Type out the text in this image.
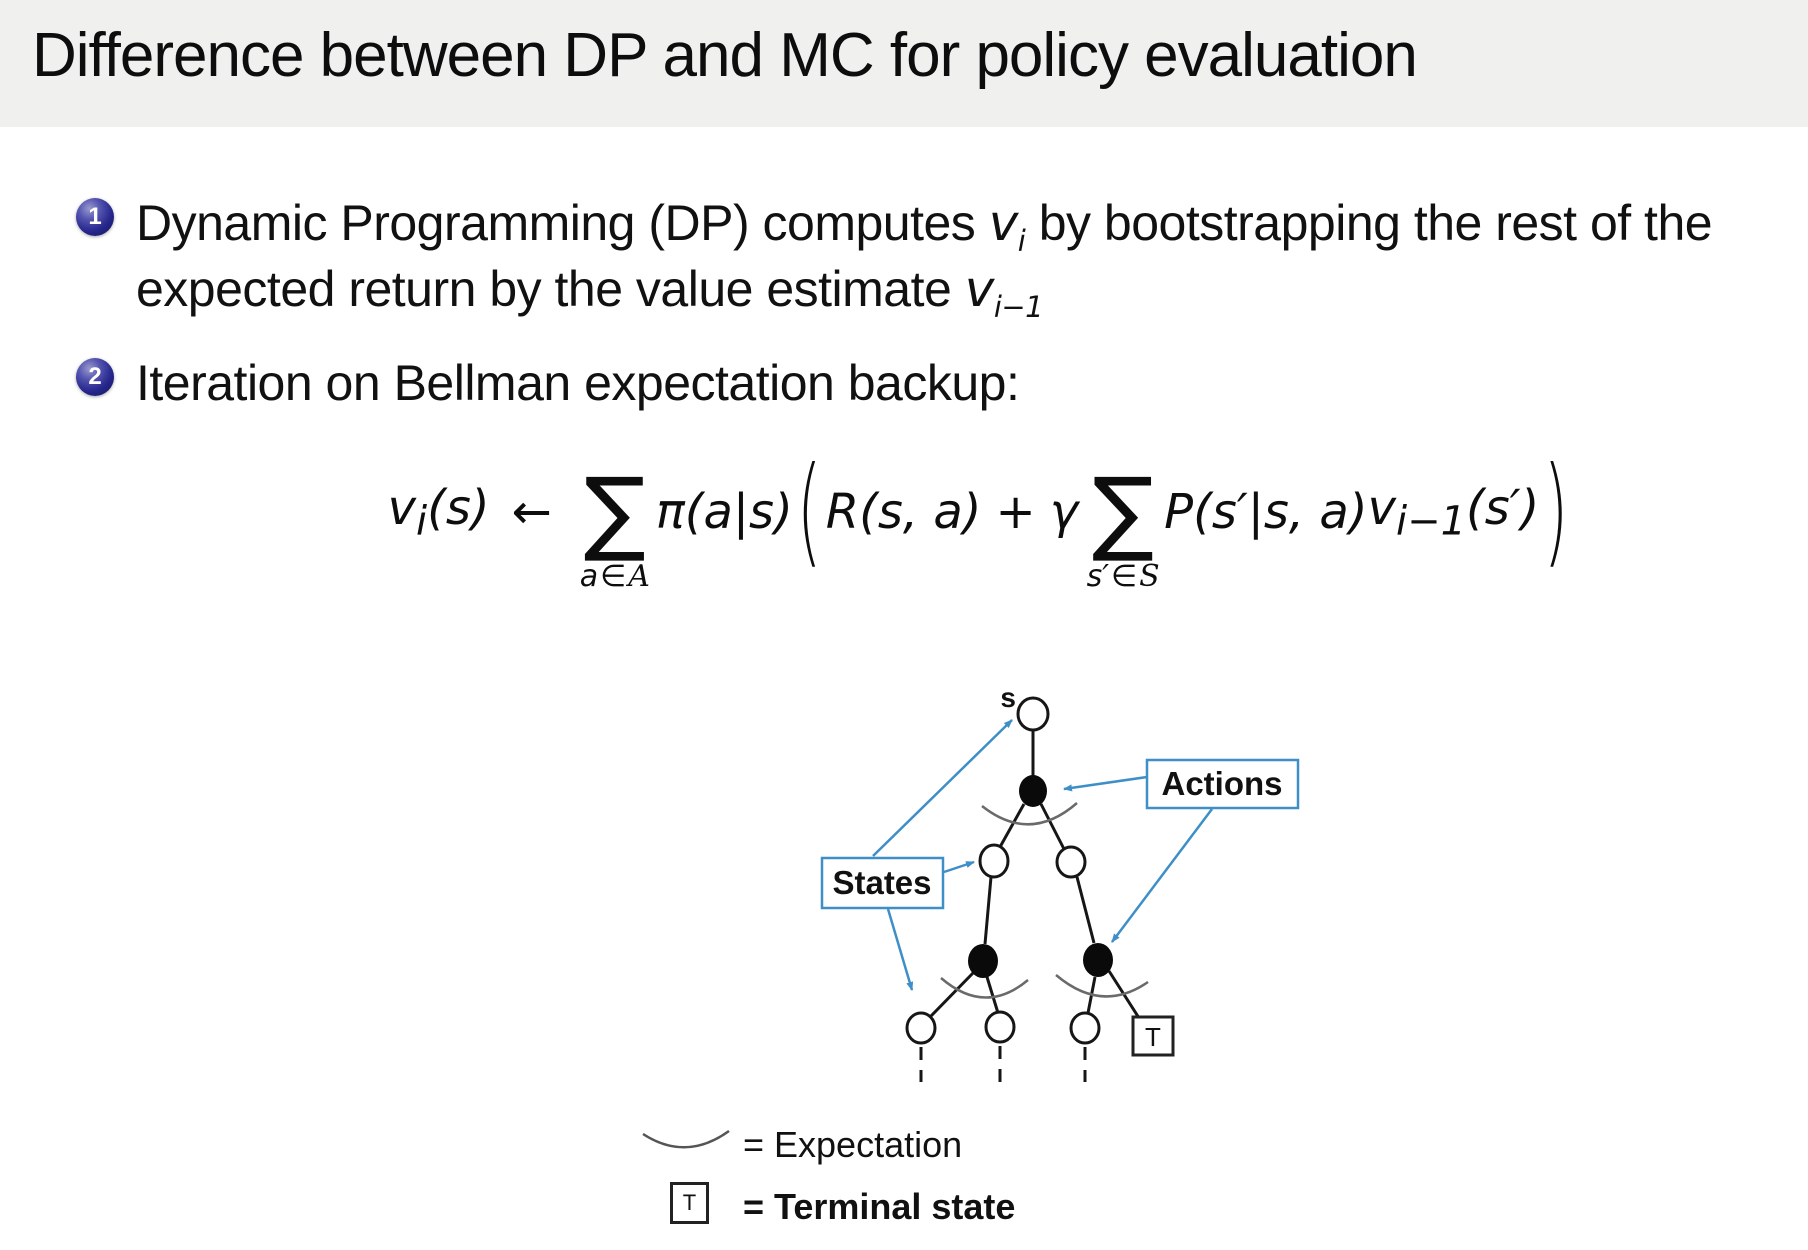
Difference between DP and MC for policy evaluation
1 Dynamic Programming (DP) computes $v_i$ by bootstrapping the rest of the expected return by the value estimate $v_{i-1}$

2 Iteration on Bellman expectation backup:

$v_i(s)$ ← ∑
a∈A
π(a|s) ( R(s, a) + γ ∑
s′∈S
P(s′|s, a) $v_{i-1}(s')$ )
T
s
States
Actions
= Expectation
T = Terminal state
